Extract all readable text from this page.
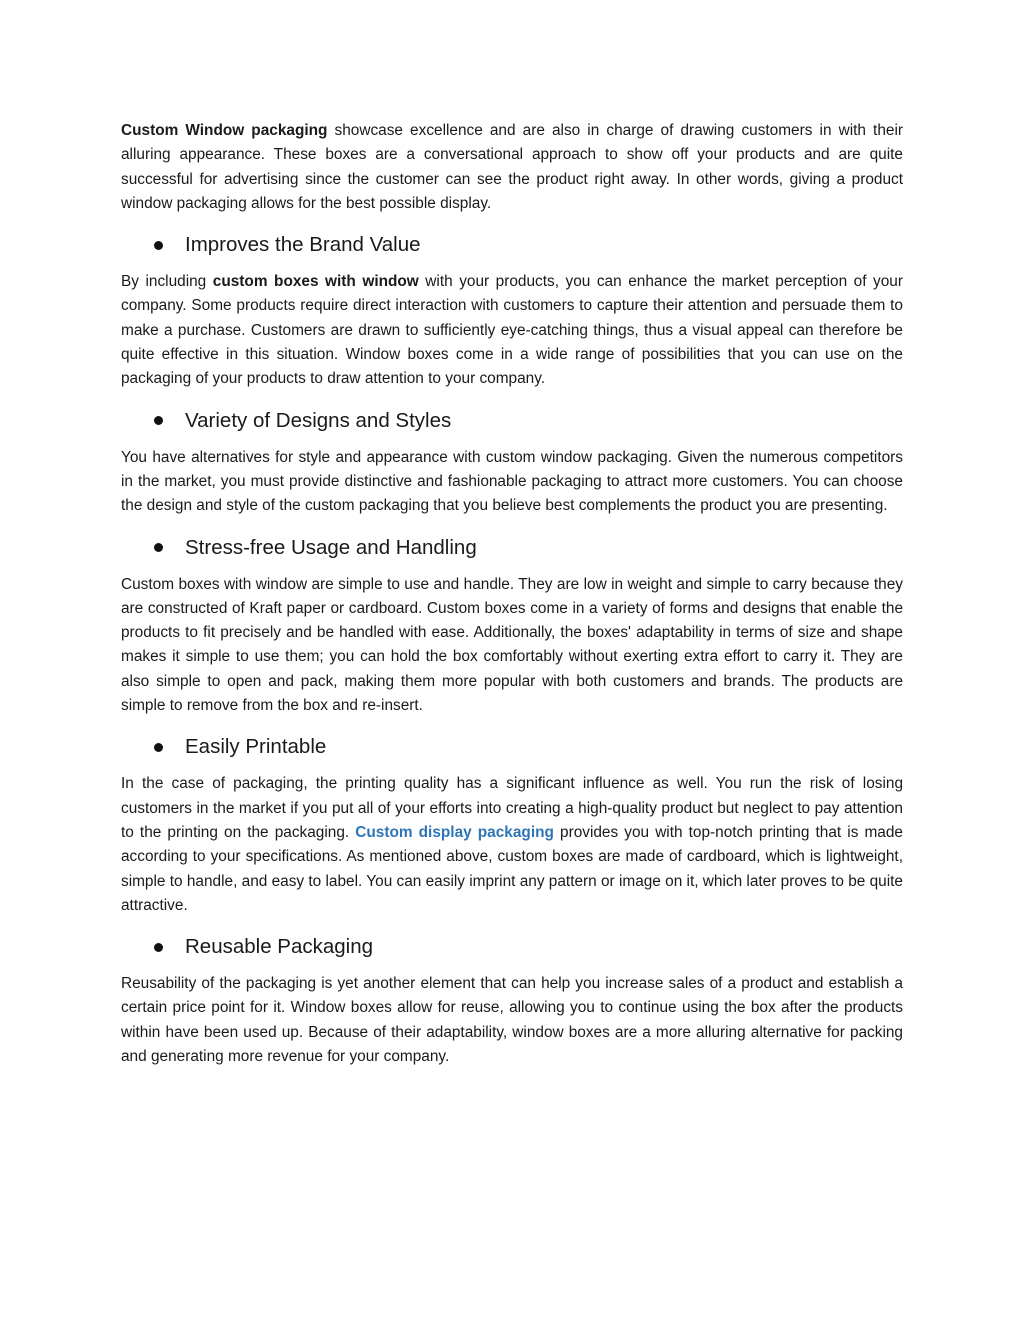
Custom Window packaging showcase excellence and are also in charge of drawing customers in with their alluring appearance. These boxes are a conversational approach to show off your products and are quite successful for advertising since the customer can see the product right away. In other words, giving a product window packaging allows for the best possible display.

Improves the Brand Value

By including custom boxes with window with your products, you can enhance the market perception of your company. Some products require direct interaction with customers to capture their attention and persuade them to make a purchase. Customers are drawn to sufficiently eye-catching things, thus a visual appeal can therefore be quite effective in this situation. Window boxes come in a wide range of possibilities that you can use on the packaging of your products to draw attention to your company.

Variety of Designs and Styles

You have alternatives for style and appearance with custom window packaging. Given the numerous competitors in the market, you must provide distinctive and fashionable packaging to attract more customers. You can choose the design and style of the custom packaging that you believe best complements the product you are presenting.

Stress-free Usage and Handling

Custom boxes with window are simple to use and handle. They are low in weight and simple to carry because they are constructed of Kraft paper or cardboard. Custom boxes come in a variety of forms and designs that enable the products to fit precisely and be handled with ease. Additionally, the boxes' adaptability in terms of size and shape makes it simple to use them; you can hold the box comfortably without exerting extra effort to carry it. They are also simple to open and pack, making them more popular with both customers and brands. The products are simple to remove from the box and re-insert.

Easily Printable

In the case of packaging, the printing quality has a significant influence as well. You run the risk of losing customers in the market if you put all of your efforts into creating a high-quality product but neglect to pay attention to the printing on the packaging. Custom display packaging provides you with top-notch printing that is made according to your specifications. As mentioned above, custom boxes are made of cardboard, which is lightweight, simple to handle, and easy to label. You can easily imprint any pattern or image on it, which later proves to be quite attractive.

Reusable Packaging

Reusability of the packaging is yet another element that can help you increase sales of a product and establish a certain price point for it. Window boxes allow for reuse, allowing you to continue using the box after the products within have been used up. Because of their adaptability, window boxes are a more alluring alternative for packing and generating more revenue for your company.
